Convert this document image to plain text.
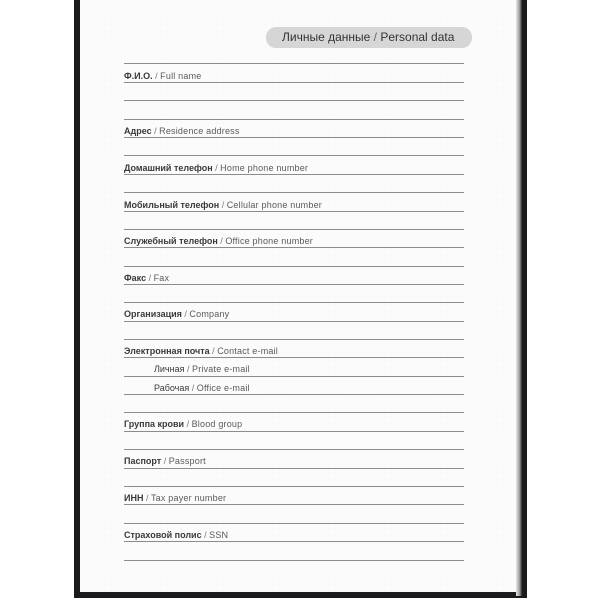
Личные данные / Personal data
Ф.И.О. / Full name
Адрес / Residence address
Домашний телефон / Home phone number
Мобильный телефон / Cellular phone number
Служебный телефон / Office phone number
Факс / Fax
Организация / Company
Электронная почта / Contact e-mail
Личная / Private e-mail
Рабочая / Office e-mail
Группа крови / Blood group
Паспорт / Passport
ИНН / Tax payer number
Страховой полис / SSN
